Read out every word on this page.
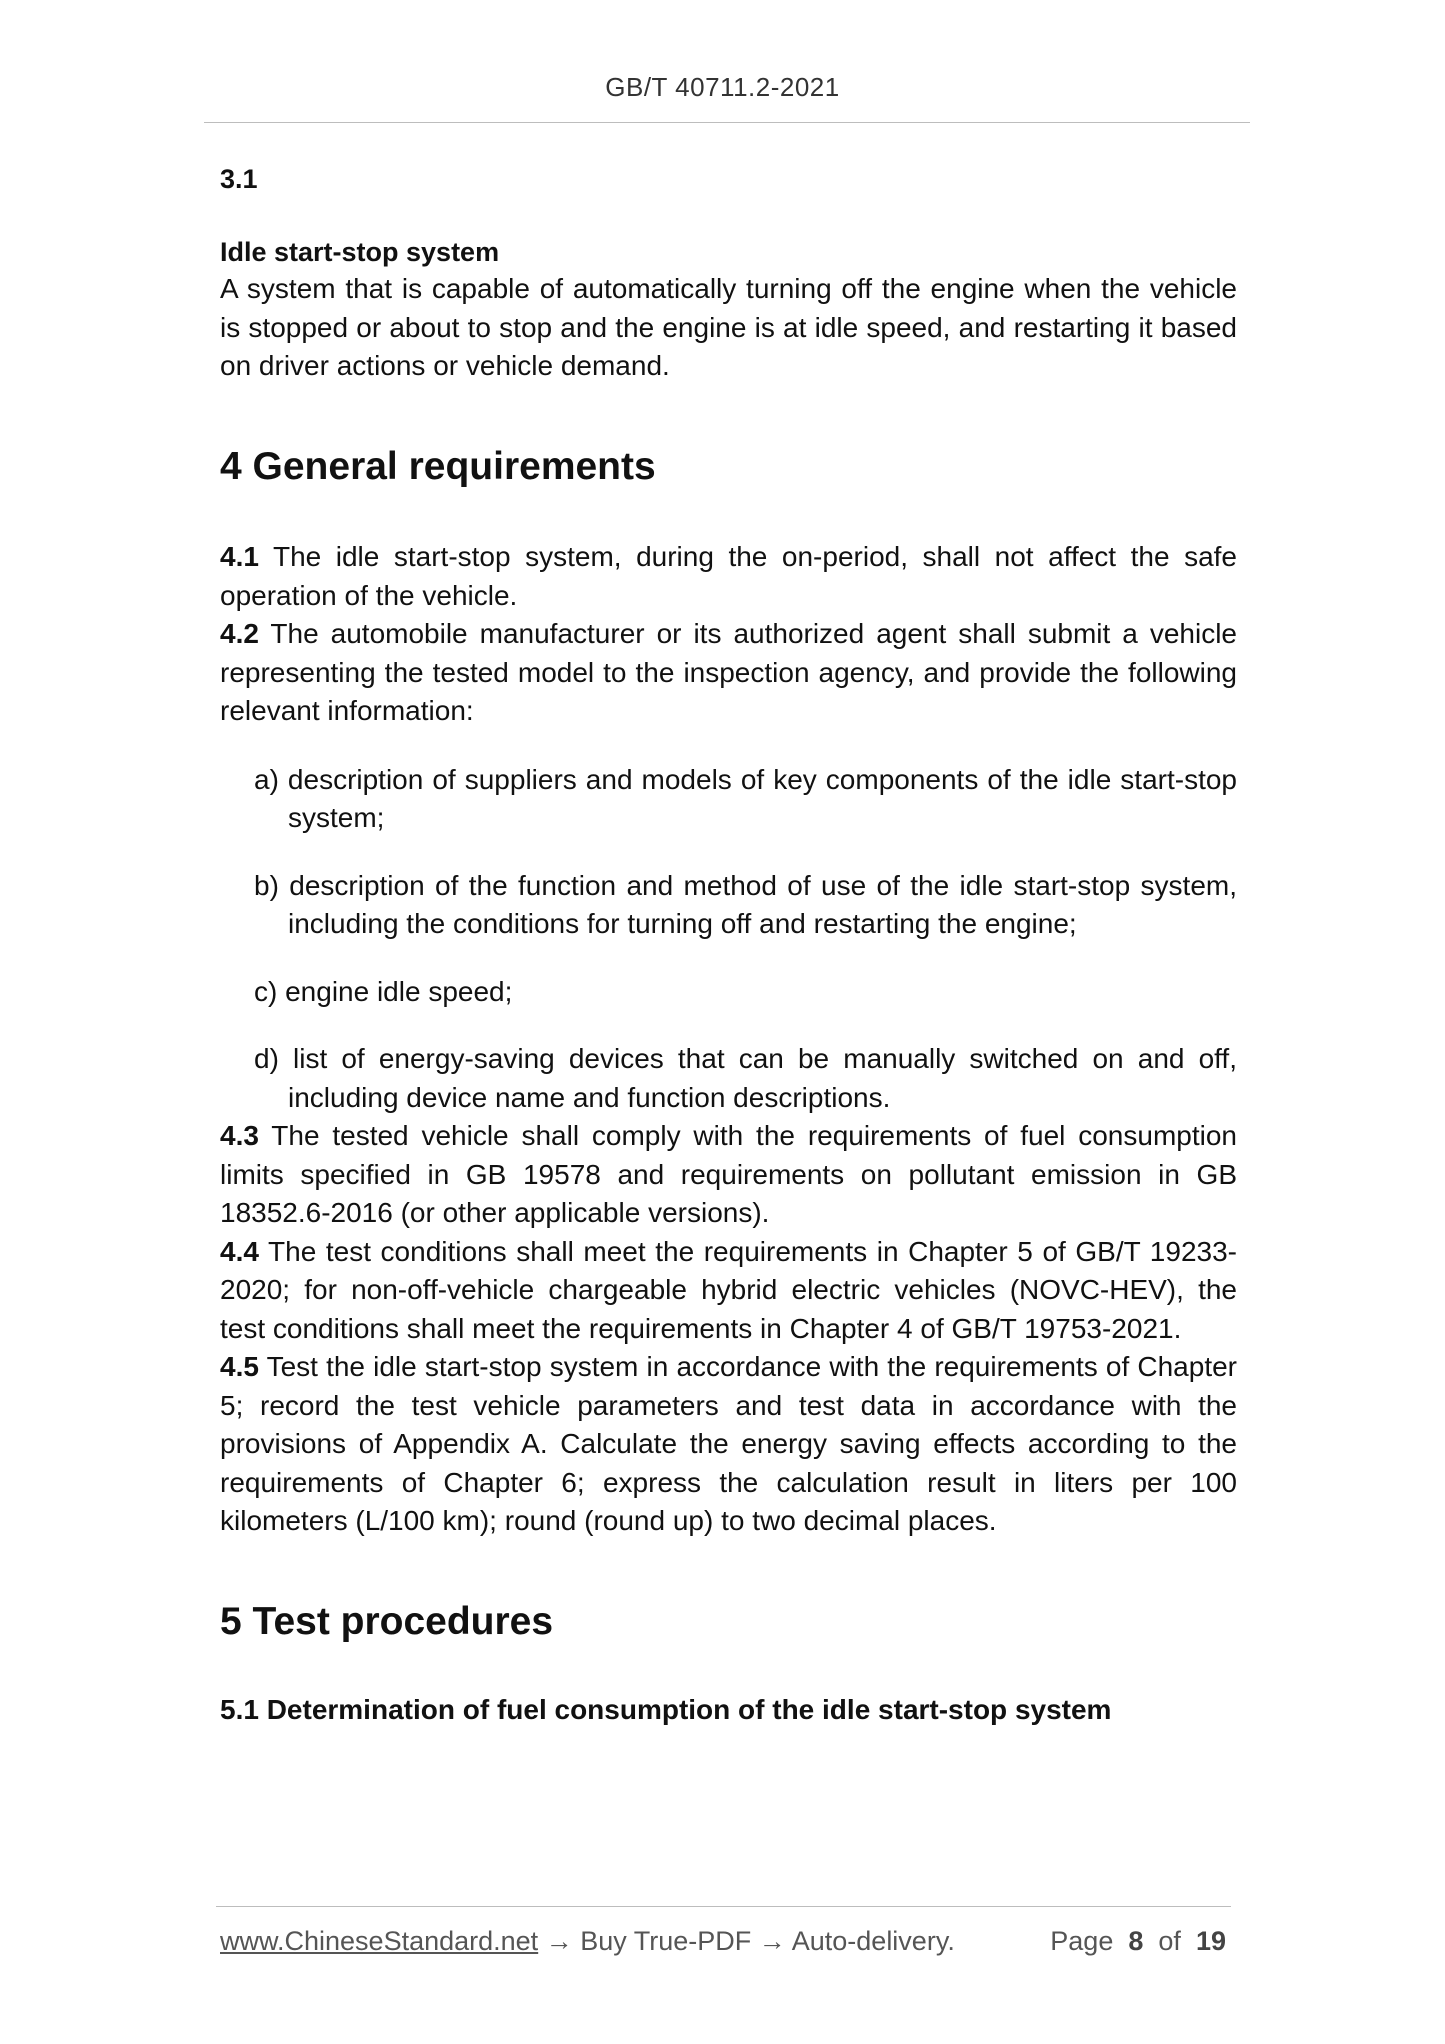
GB/T 40711.2-2021
3.1
Idle start-stop system

A system that is capable of automatically turning off the engine when the vehicle is stopped or about to stop and the engine is at idle speed, and restarting it based on driver actions or vehicle demand.

4 General requirements

4.1 The idle start-stop system, during the on-period, shall not affect the safe operation of the vehicle.

4.2 The automobile manufacturer or its authorized agent shall submit a vehicle representing the tested model to the inspection agency, and provide the following relevant information:

a) description of suppliers and models of key components of the idle start-stop system;
b) description of the function and method of use of the idle start-stop system, including the conditions for turning off and restarting the engine;
c) engine idle speed;
d) list of energy-saving devices that can be manually switched on and off, including device name and function descriptions.

4.3 The tested vehicle shall comply with the requirements of fuel consumption limits specified in GB 19578 and requirements on pollutant emission in GB 18352.6-2016 (or other applicable versions).

4.4 The test conditions shall meet the requirements in Chapter 5 of GB/T 19233-2020; for non-off-vehicle chargeable hybrid electric vehicles (NOVC-HEV), the test conditions shall meet the requirements in Chapter 4 of GB/T 19753-2021.

4.5 Test the idle start-stop system in accordance with the requirements of Chapter 5; record the test vehicle parameters and test data in accordance with the provisions of Appendix A. Calculate the energy saving effects according to the requirements of Chapter 6; express the calculation result in liters per 100 kilometers (L/100 km); round (round up) to two decimal places.

5 Test procedures
5.1 Determination of fuel consumption of the idle start-stop system
www.ChineseStandard.net → Buy True-PDF → Auto-delivery.	Page 8 of 19
